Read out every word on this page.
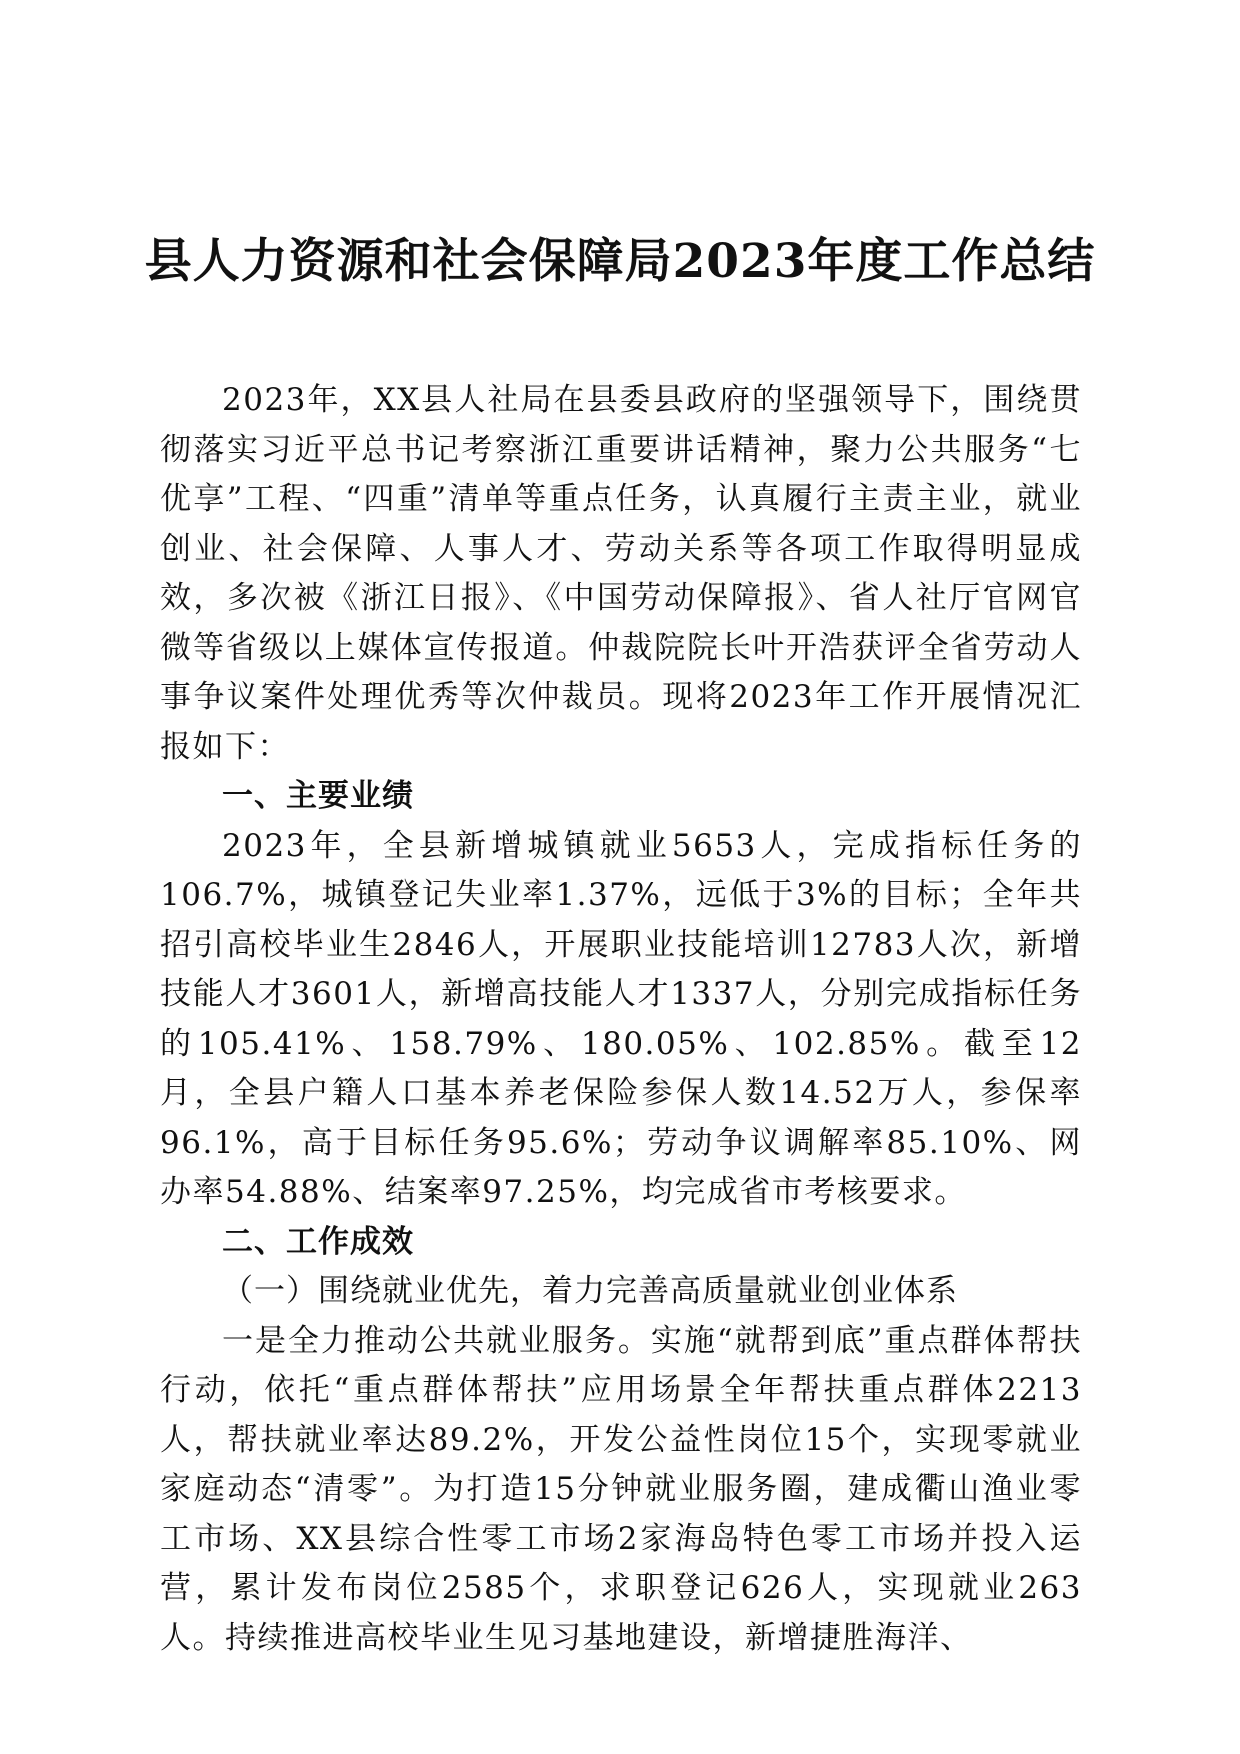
县人力资源和社会保障局2023年度工作总结

2023年，XX县人社局在县委县政府的坚强领导下，围绕贯彻落实习近平总书记考察浙江重要讲话精神，聚力公共服务“七优享”工程、“四重”清单等重点任务，认真履行主责主业，就业创业、社会保障、人事人才、劳动关系等各项工作取得明显成效，多次被《浙江日报》、《中国劳动保障报》、省人社厅官网官微等省级以上媒体宣传报道。仲裁院院长叶开浩获评全省劳动人事争议案件处理优秀等次仲裁员。现将2023年工作开展情况汇报如下：

一、主要业绩

2023年，全县新增城镇就业5653人，完成指标任务的106.7%，城镇登记失业率1.37%，远低于3%的目标；全年共招引高校毕业生2846人，开展职业技能培训12783人次，新增技能人才3601人，新增高技能人才1337人，分别完成指标任务的105.41%、158.79%、180.05%、102.85%。截至12月，全县户籍人口基本养老保险参保人数14.52万人，参保率96.1%，高于目标任务95.6%；劳动争议调解率85.10%、网办率54.88%、结案率97.25%，均完成省市考核要求。

二、工作成效

（一）围绕就业优先，着力完善高质量就业创业体系

一是全力推动公共就业服务。实施“就帮到底”重点群体帮扶行动，依托“重点群体帮扶”应用场景全年帮扶重点群体2213人，帮扶就业率达89.2%，开发公益性岗位15个，实现零就业家庭动态“清零”。为打造15分钟就业服务圈，建成衢山渔业零工市场、XX县综合性零工市场2家海岛特色零工市场并投入运营，累计发布岗位2585个，求职登记626人，实现就业263人。持续推进高校毕业生见习基地建设，新增捷胜海洋、
